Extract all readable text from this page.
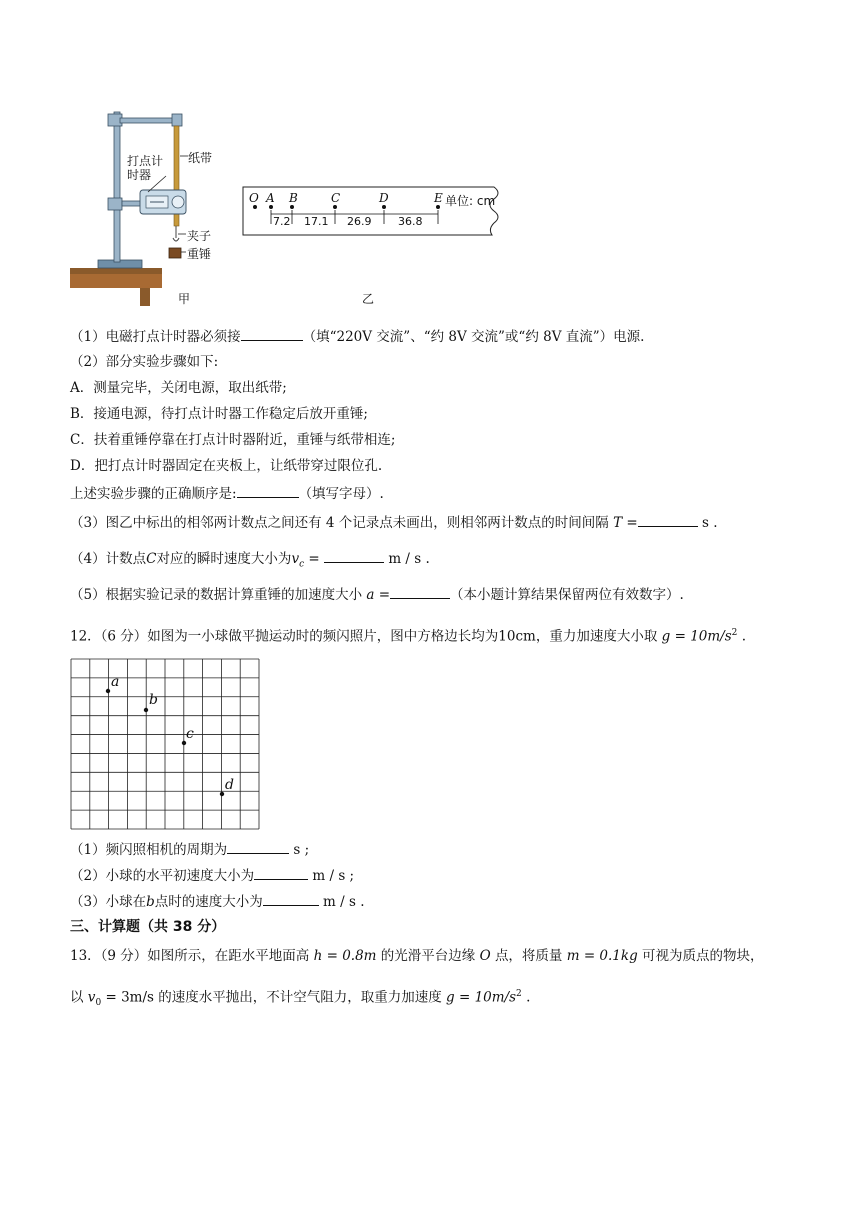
纸带
打点计
时器
夹子
重锤
甲
O A B	C	D	E 单位: cm
7.2 17.1 26.9 36.8
乙
（1）电磁打点计时器必须接	（填“220V 交流”、“约 8V 交流”或“约 8V 直流”）电源.
（2）部分实验步骤如下:
A．测量完毕，关闭电源，取出纸带;
B．接通电源，待打点计时器工作稳定后放开重锤;
C．扶着重锤停靠在打点计时器附近，重锤与纸带相连;
D．把打点计时器固定在夹板上，让纸带穿过限位孔.
上述实验步骤的正确顺序是:	（填写字母）.
（3）图乙中标出的相邻两计数点之间还有 4 个记录点未画出，则相邻两计数点的时间间隔 T =	s .
（4）计数点C对应的瞬时速度大小为$v_c$ =	m / s .
（5）根据实验记录的数据计算重锤的加速度大小 a =	（本小题计算结果保留两位有效数字）.
12．（6 分）如图为一小球做平抛运动时的频闪照片，图中方格边长均为10cm，重力加速度大小取 $g = 10m/s^2$ .
a
b
c
d
（1）频闪照相机的周期为	s ;
（2）小球的水平初速度大小为	m / s ;
（3）小球在b点时的速度大小为	m / s .
三、计算题（共 38 分）
13．（9 分）如图所示，在距水平地面高 h = 0.8m 的光滑平台边缘 O 点，将质量 m = 0.1kg 可视为质点的物块，
以 $v_0 = 3m/s$ 的速度水平抛出，不计空气阻力，取重力加速度 $g = 10m/s^2$ .
